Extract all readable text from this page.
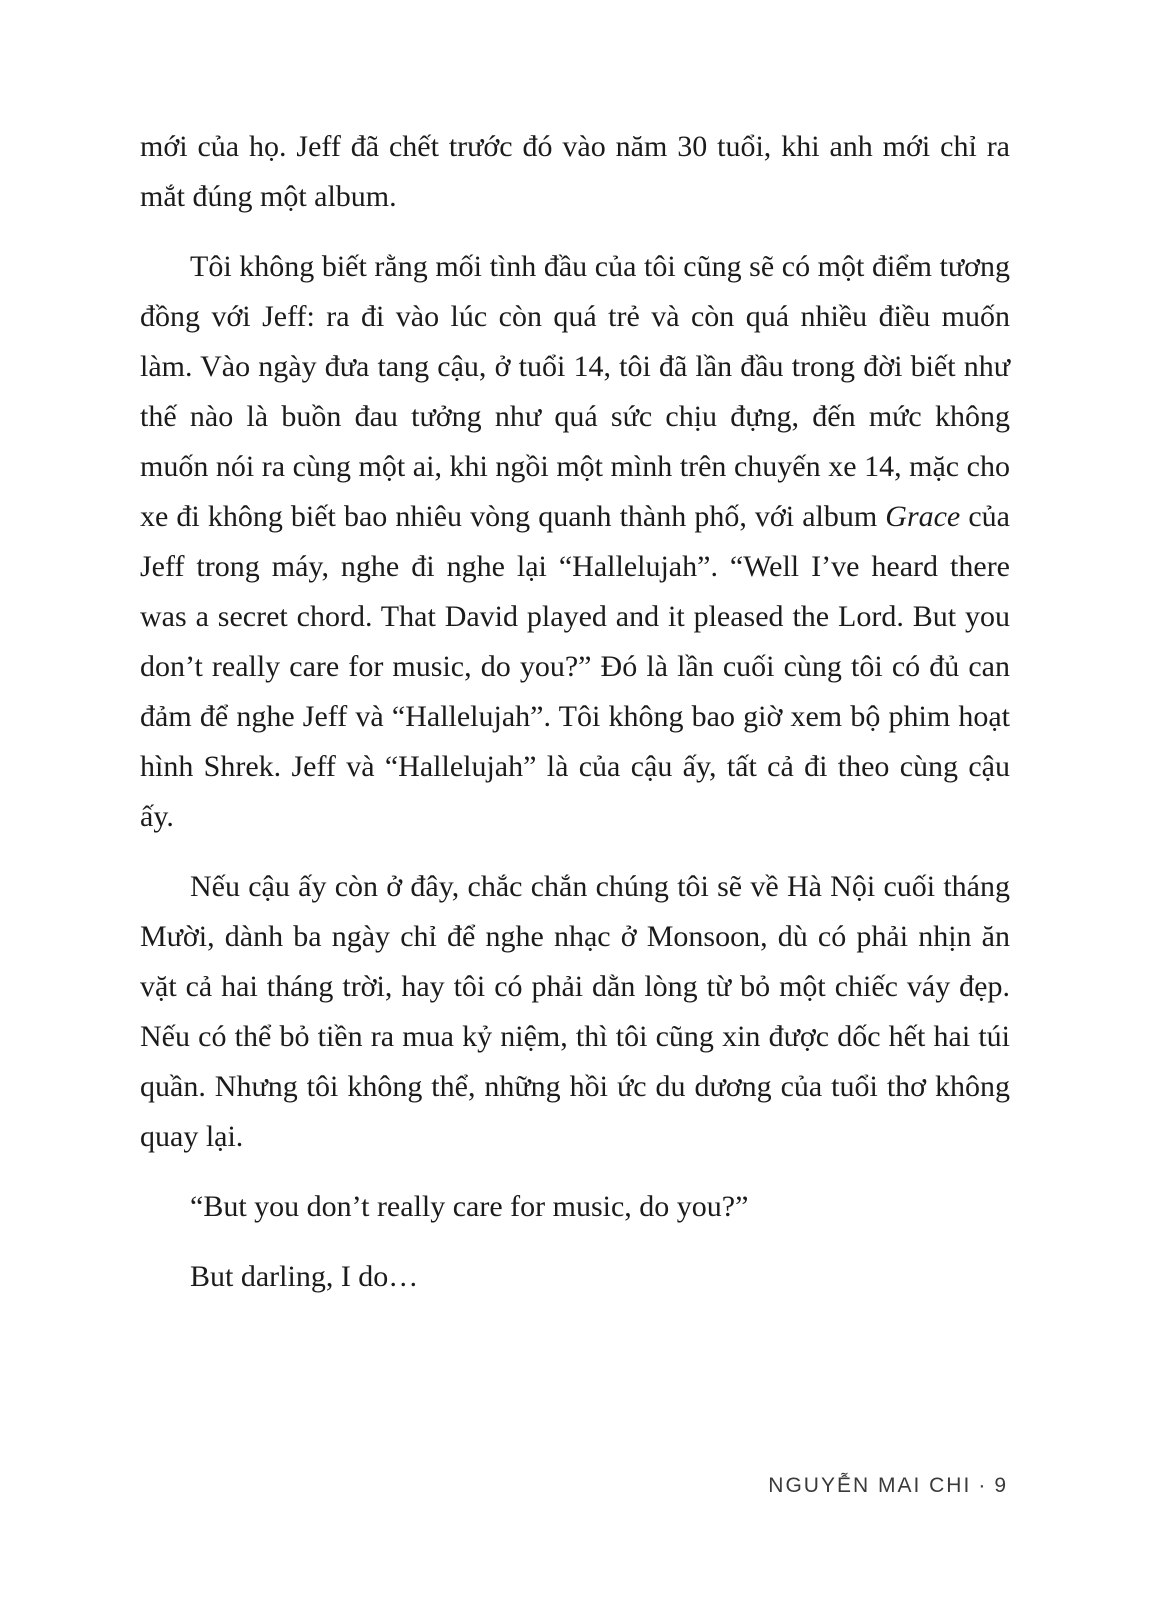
mới của họ. Jeff đã chết trước đó vào năm 30 tuổi, khi anh mới chỉ ra mắt đúng một album.

Tôi không biết rằng mối tình đầu của tôi cũng sẽ có một điểm tương đồng với Jeff: ra đi vào lúc còn quá trẻ và còn quá nhiều điều muốn làm. Vào ngày đưa tang cậu, ở tuổi 14, tôi đã lần đầu trong đời biết như thế nào là buồn đau tưởng như quá sức chịu đựng, đến mức không muốn nói ra cùng một ai, khi ngồi một mình trên chuyến xe 14, mặc cho xe đi không biết bao nhiêu vòng quanh thành phố, với album Grace của Jeff trong máy, nghe đi nghe lại “Hallelujah”. “Well I’ve heard there was a secret chord. That David played and it pleased the Lord. But you don’t really care for music, do you?” Đó là lần cuối cùng tôi có đủ can đảm để nghe Jeff và “Hallelujah”. Tôi không bao giờ xem bộ phim hoạt hình Shrek. Jeff và “Hallelujah” là của cậu ấy, tất cả đi theo cùng cậu ấy.

Nếu cậu ấy còn ở đây, chắc chắn chúng tôi sẽ về Hà Nội cuối tháng Mười, dành ba ngày chỉ để nghe nhạc ở Monsoon, dù có phải nhịn ăn vặt cả hai tháng trời, hay tôi có phải dằn lòng từ bỏ một chiếc váy đẹp. Nếu có thể bỏ tiền ra mua kỷ niệm, thì tôi cũng xin được dốc hết hai túi quần. Nhưng tôi không thể, những hồi ức du dương của tuổi thơ không quay lại.

“But you don’t really care for music, do you?”

But darling, I do…

NGUYỄN MAI CHI · 9
